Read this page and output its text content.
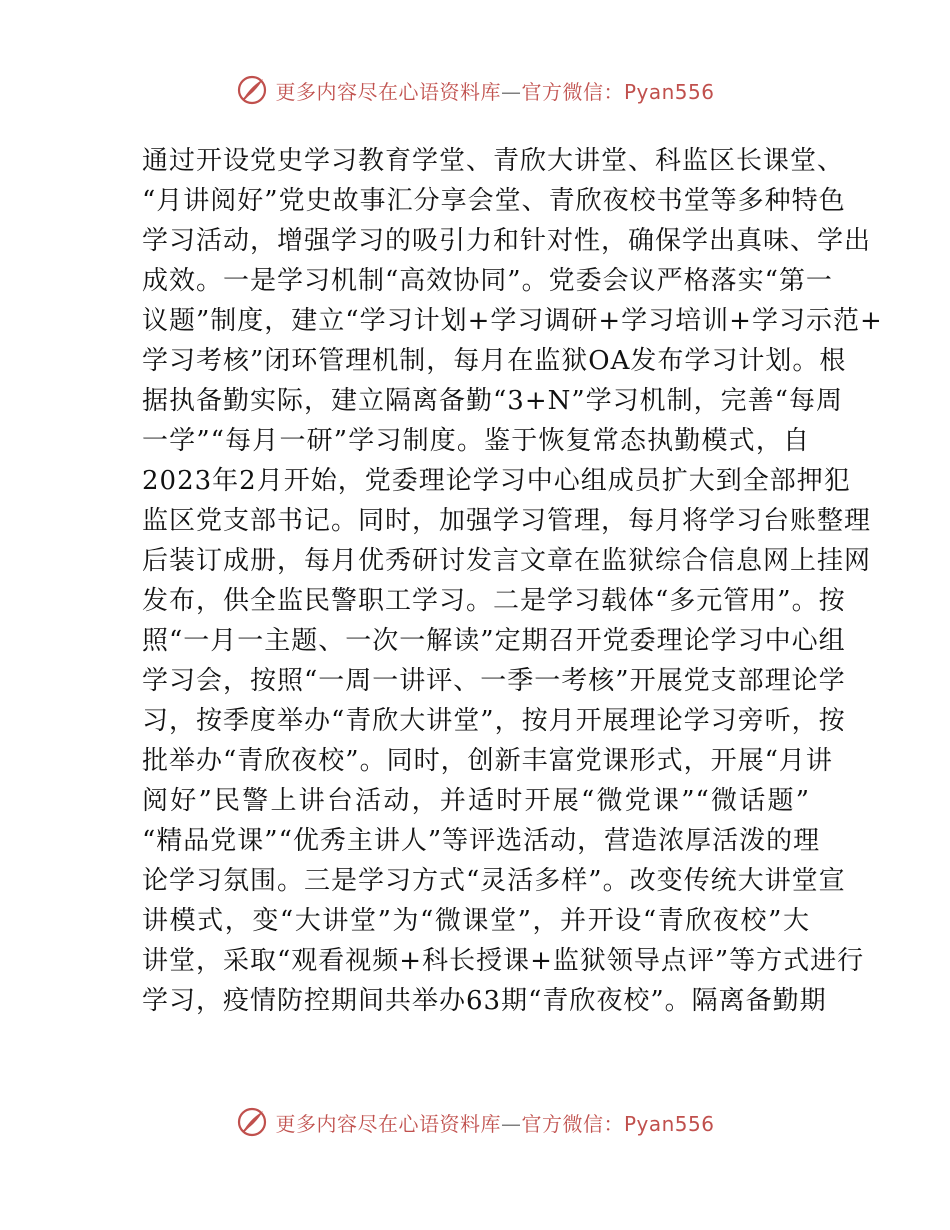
更多内容尽在心语资料库—官方微信：Pyan556
通过开设党史学习教育学堂、青欣大讲堂、科监区长课堂、
“月讲阅好”党史故事汇分享会堂、青欣夜校书堂等多种特色
学习活动，增强学习的吸引力和针对性，确保学出真味、学出
成效。一是学习机制“高效协同”。党委会议严格落实“第一
议题”制度，建立“学习计划+学习调研+学习培训+学习示范+
学习考核”闭环管理机制，每月在监狱OA发布学习计划。根
据执备勤实际，建立隔离备勤“3+N”学习机制，完善“每周
一学”“每月一研”学习制度。鉴于恢复常态执勤模式，自
2023年2月开始，党委理论学习中心组成员扩大到全部押犯
监区党支部书记。同时，加强学习管理，每月将学习台账整理
后装订成册，每月优秀研讨发言文章在监狱综合信息网上挂网
发布，供全监民警职工学习。二是学习载体“多元管用”。按
照“一月一主题、一次一解读”定期召开党委理论学习中心组
学习会，按照“一周一讲评、一季一考核”开展党支部理论学
习，按季度举办“青欣大讲堂”，按月开展理论学习旁听，按
批举办“青欣夜校”。同时，创新丰富党课形式，开展“月讲
阅好”民警上讲台活动，并适时开展“微党课”“微话题”
“精品党课”“优秀主讲人”等评选活动，营造浓厚活泼的理
论学习氛围。三是学习方式“灵活多样”。改变传统大讲堂宣
讲模式，变“大讲堂”为“微课堂”，并开设“青欣夜校”大
讲堂，采取“观看视频+科长授课+监狱领导点评”等方式进行
学习，疫情防控期间共举办63期“青欣夜校”。隔离备勤期
更多内容尽在心语资料库—官方微信：Pyan556
